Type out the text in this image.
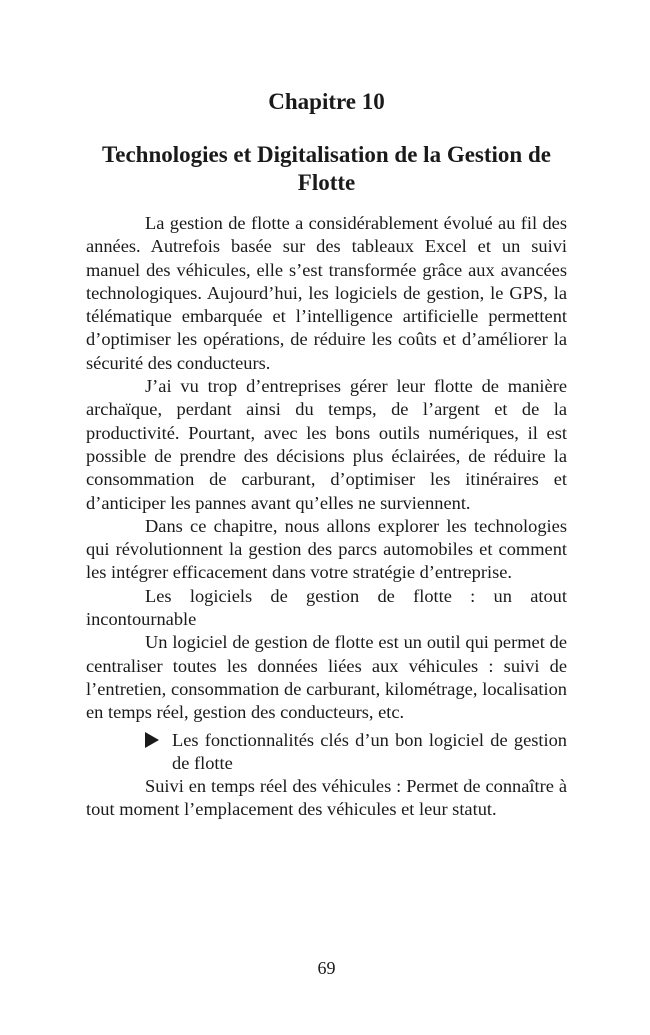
Chapitre 10
Technologies et Digitalisation de la Gestion de Flotte

La gestion de flotte a considérablement évolué au fil des années. Autrefois basée sur des tableaux Excel et un suivi manuel des véhicules, elle s’est transformée grâce aux avancées technologiques. Aujourd’hui, les logiciels de gestion, le GPS, la télématique embarquée et l’intelligence artificielle permettent d’optimiser les opérations, de réduire les coûts et d’améliorer la sécurité des conducteurs.

J’ai vu trop d’entreprises gérer leur flotte de manière archaïque, perdant ainsi du temps, de l’argent et de la productivité. Pourtant, avec les bons outils numériques, il est possible de prendre des décisions plus éclairées, de réduire la consommation de carburant, d’optimiser les itinéraires et d’anticiper les pannes avant qu’elles ne surviennent.

Dans ce chapitre, nous allons explorer les technologies qui révolutionnent la gestion des parcs automobiles et comment les intégrer efficacement dans votre stratégie d’entreprise.

Les logiciels de gestion de flotte : un atout incontournable

Un logiciel de gestion de flotte est un outil qui permet de centraliser toutes les données liées aux véhicules : suivi de l’entretien, consommation de carburant, kilométrage, localisation en temps réel, gestion des conducteurs, etc.

Les fonctionnalités clés d’un bon logiciel de gestion de flotte

Suivi en temps réel des véhicules : Permet de connaître à tout moment l’emplacement des véhicules et leur statut.

69
